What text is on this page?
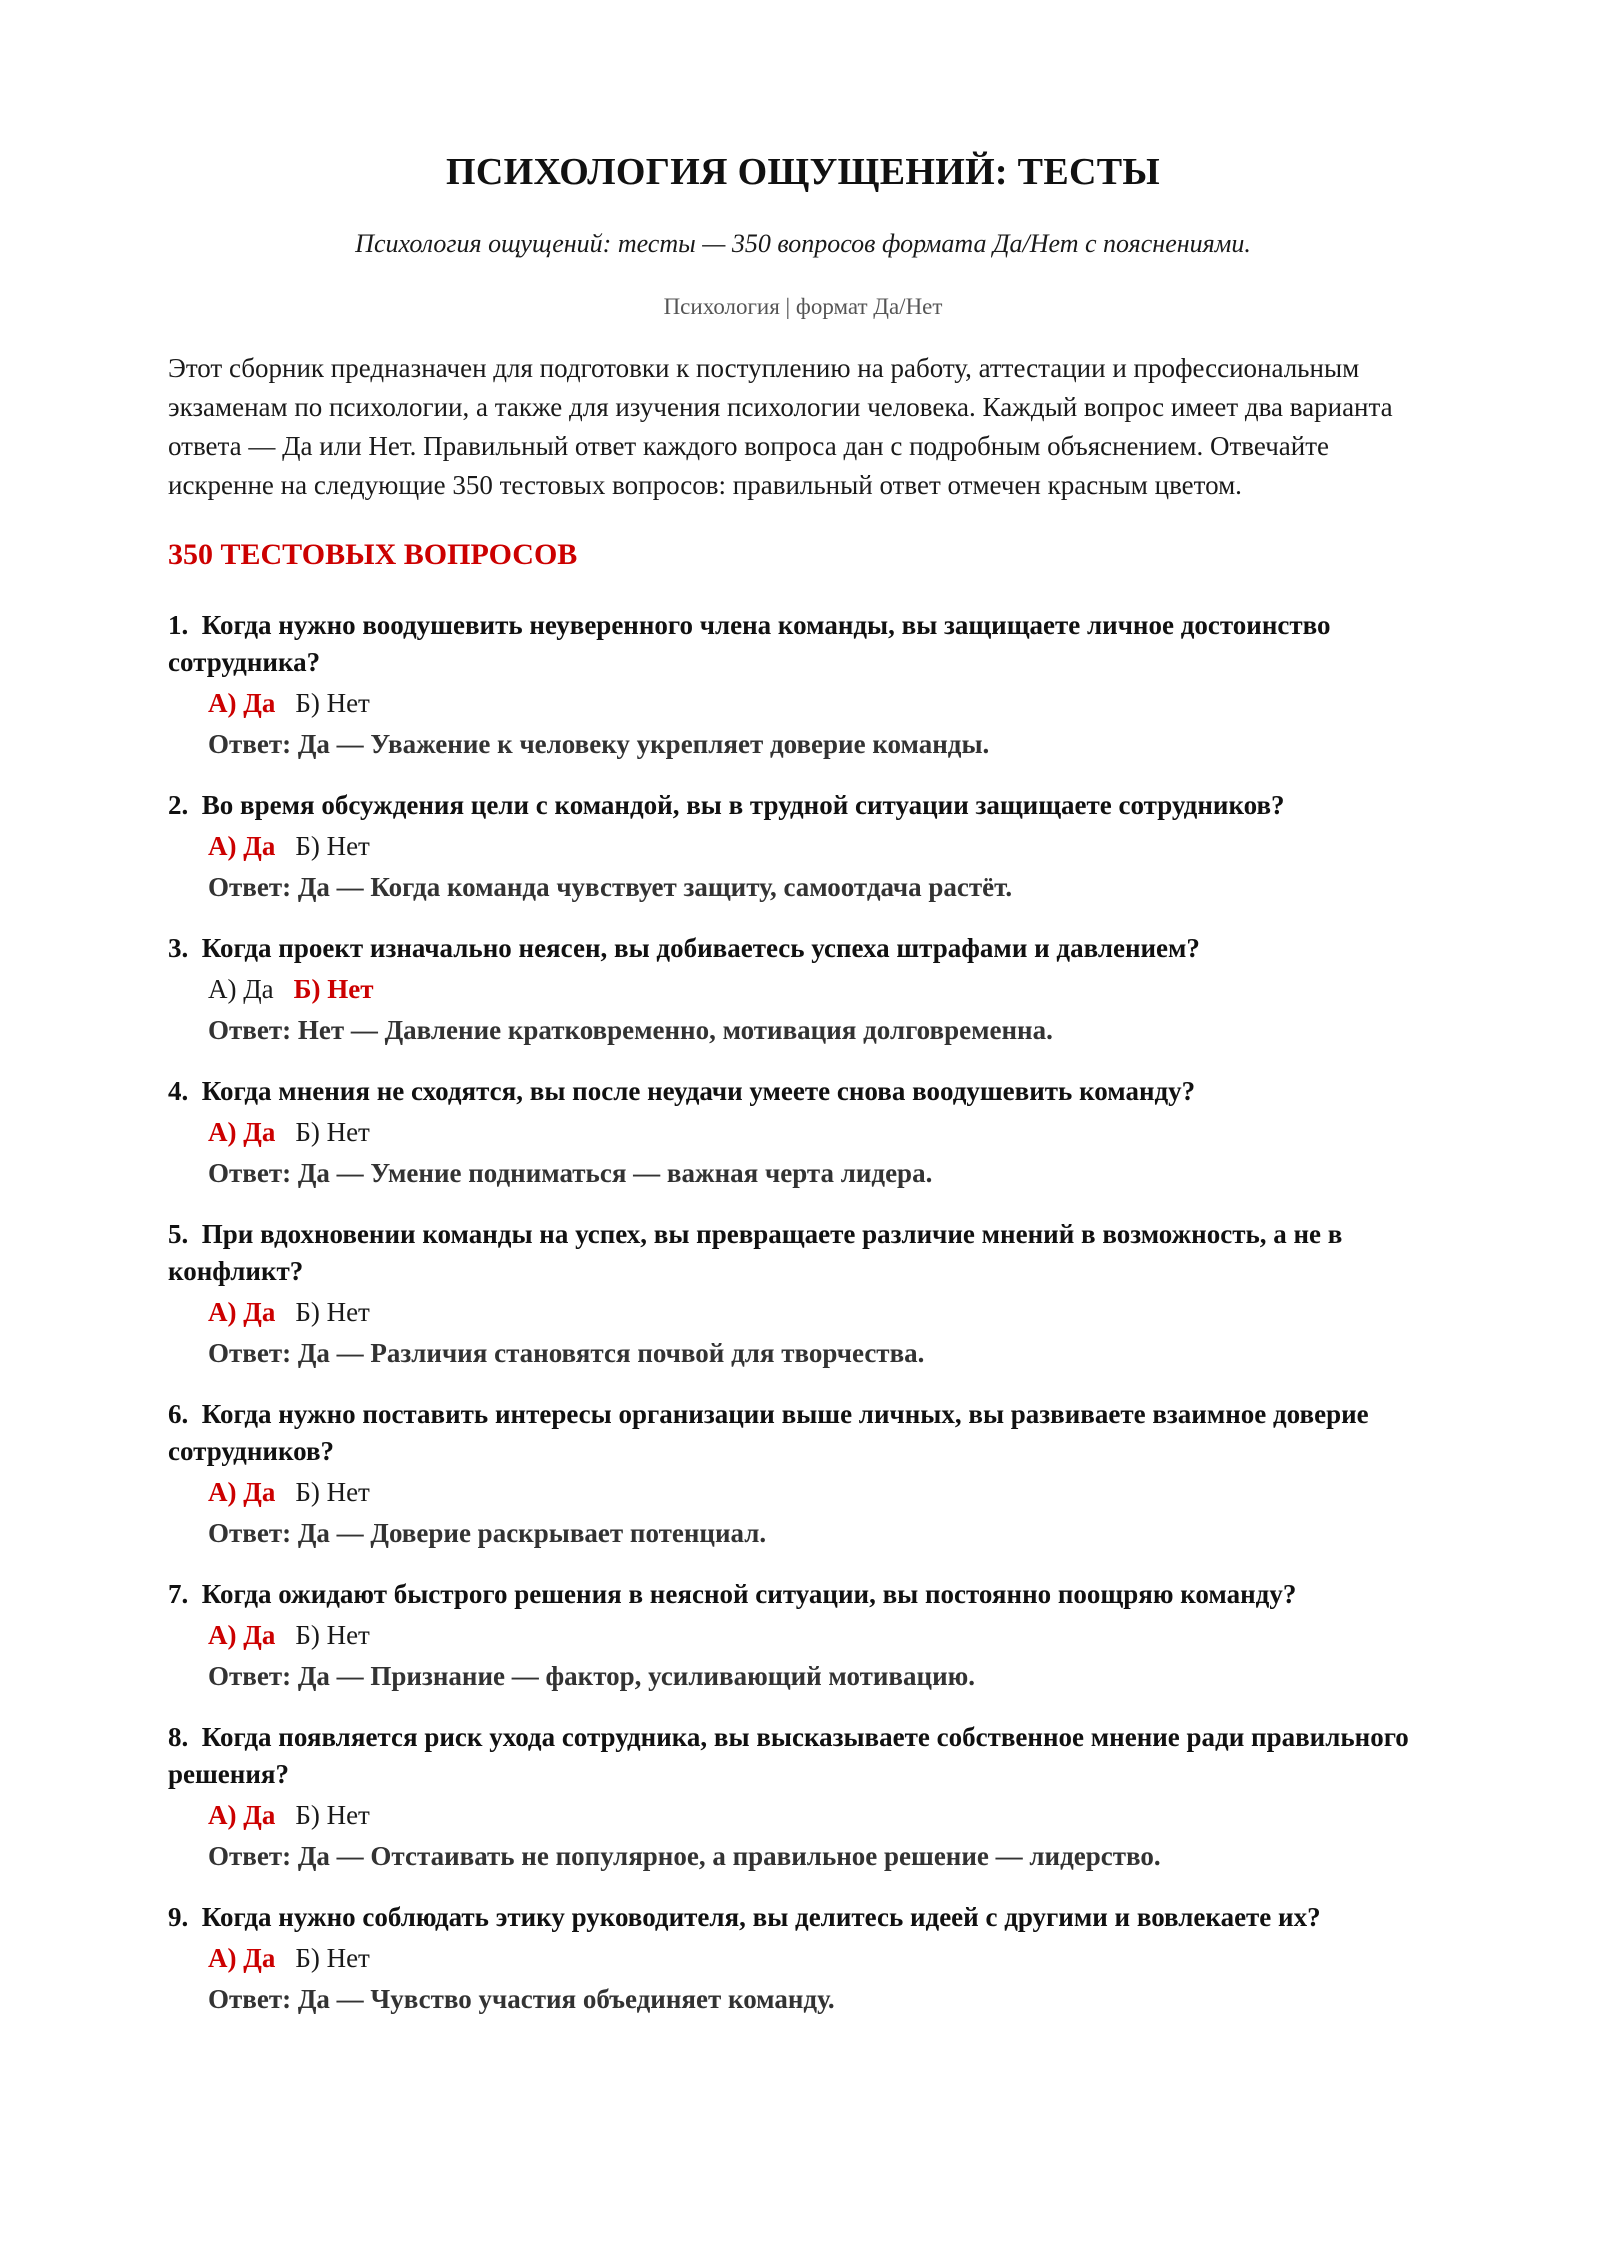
ПСИХОЛОГИЯ ОЩУЩЕНИЙ: ТЕСТЫ
Психология ощущений: тесты — 350 вопросов формата Да/Нет с пояснениями.
Психология | формат Да/Нет
Этот сборник предназначен для подготовки к поступлению на работу, аттестации и профессиональным экзаменам по психологии, а также для изучения психологии человека. Каждый вопрос имеет два варианта ответа — Да или Нет. Правильный ответ каждого вопроса дан с подробным объяснением. Отвечайте искренне на следующие 350 тестовых вопросов: правильный ответ отмечен красным цветом.
350 ТЕСТОВЫХ ВОПРОСОВ
1. Когда нужно воодушевить неуверенного члена команды, вы защищаете личное достоинство сотрудника?
А) Да Б) Нет
Ответ: Да — Уважение к человеку укрепляет доверие команды.
2. Во время обсуждения цели с командой, вы в трудной ситуации защищаете сотрудников?
А) Да Б) Нет
Ответ: Да — Когда команда чувствует защиту, самоотдача растёт.
3. Когда проект изначально неясен, вы добиваетесь успеха штрафами и давлением?
А) Да Б) Нет
Ответ: Нет — Давление кратковременно, мотивация долговременна.
4. Когда мнения не сходятся, вы после неудачи умеете снова воодушевить команду?
А) Да Б) Нет
Ответ: Да — Умение подниматься — важная черта лидера.
5. При вдохновении команды на успех, вы превращаете различие мнений в возможность, а не в конфликт?
А) Да Б) Нет
Ответ: Да — Различия становятся почвой для творчества.
6. Когда нужно поставить интересы организации выше личных, вы развиваете взаимное доверие сотрудников?
А) Да Б) Нет
Ответ: Да — Доверие раскрывает потенциал.
7. Когда ожидают быстрого решения в неясной ситуации, вы постоянно поощряю команду?
А) Да Б) Нет
Ответ: Да — Признание — фактор, усиливающий мотивацию.
8. Когда появляется риск ухода сотрудника, вы высказываете собственное мнение ради правильного решения?
А) Да Б) Нет
Ответ: Да — Отстаивать не популярное, а правильное решение — лидерство.
9. Когда нужно соблюдать этику руководителя, вы делитесь идеей с другими и вовлекаете их?
А) Да Б) Нет
Ответ: Да — Чувство участия объединяет команду.
